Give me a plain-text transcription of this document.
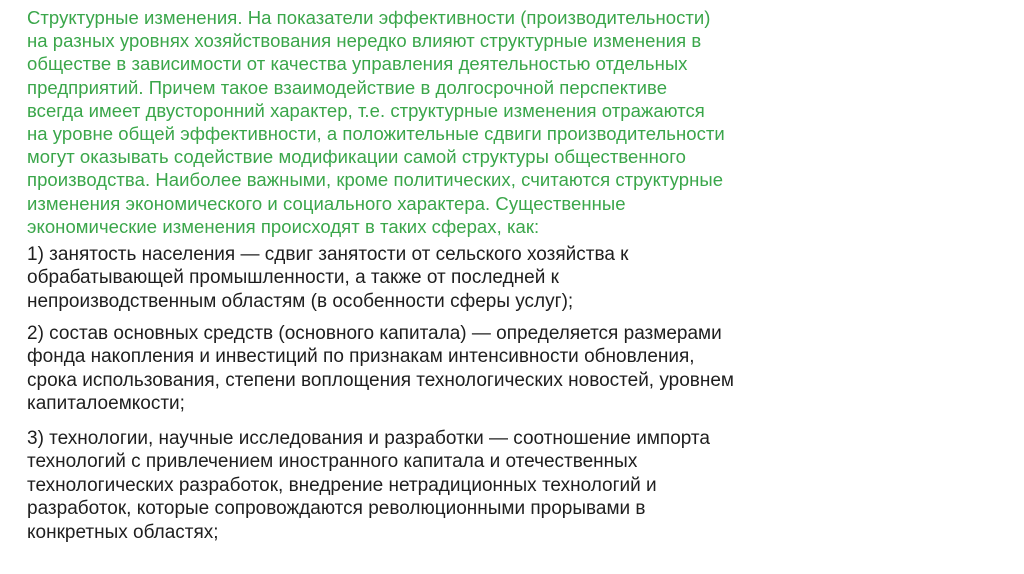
Структурные изменения. На показатели эффективности (производительности)
на разных уровнях хозяйствования нередко влияют структурные изменения в
обществе в зависимости от качества управления деятельностью отдельных
предприятий. Причем такое взаимодействие в долгосрочной перспективе
всегда имеет двусторонний характер, т.е. структурные изменения отражаются
на уровне общей эффективности, а положительные сдвиги производительности
могут оказывать содействие модификации самой структуры общественного
производства. Наиболее важными, кроме политических, считаются структурные
изменения экономического и социального характера. Существенные
экономические изменения происходят в таких сферах, как:

1) занятость населения — сдвиг занятости от сельского хозяйства к
обрабатывающей промышленности, а также от последней к
непроизводственным областям (в особенности сферы услуг);

2) состав основных средств (основного капитала) — определяется размерами
фонда накопления и инвестиций по признакам интенсивности обновления,
срока использования, степени воплощения технологических новостей, уровнем
капиталоемкости;

3) технологии, научные исследования и разработки — соотношение импорта
технологий с привлечением иностранного капитала и отечественных
технологических разработок, внедрение нетрадиционных технологий и
разработок, которые сопровождаются революционными прорывами в
конкретных областях;
